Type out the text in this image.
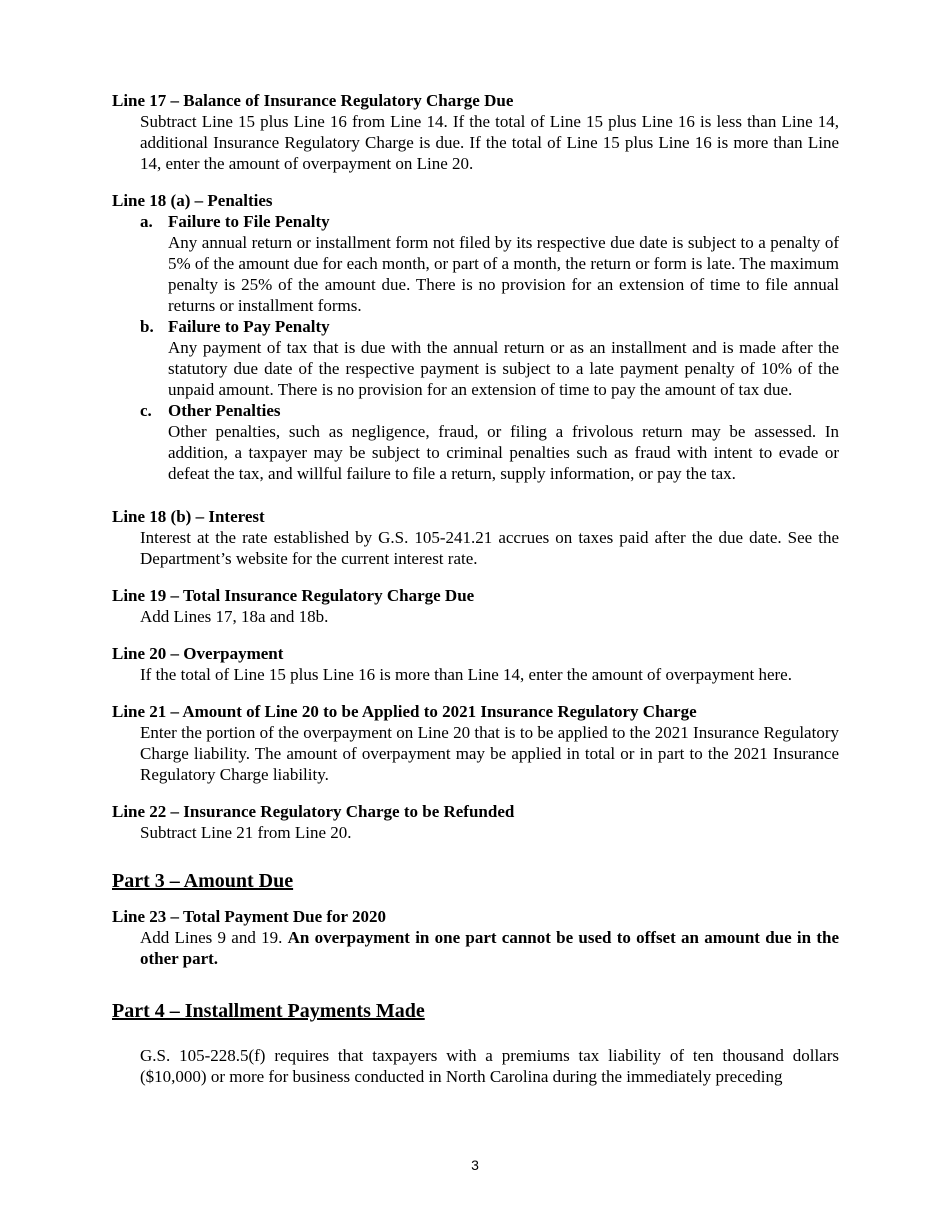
Line 17 – Balance of Insurance Regulatory Charge Due

Subtract Line 15 plus Line 16 from Line 14. If the total of Line 15 plus Line 16 is less than Line 14, additional Insurance Regulatory Charge is due. If the total of Line 15 plus Line 16 is more than Line 14, enter the amount of overpayment on Line 20.

Line 18 (a) – Penalties

a. Failure to File Penalty

Any annual return or installment form not filed by its respective due date is subject to a penalty of 5% of the amount due for each month, or part of a month, the return or form is late. The maximum penalty is 25% of the amount due. There is no provision for an extension of time to file annual returns or installment forms.

b. Failure to Pay Penalty

Any payment of tax that is due with the annual return or as an installment and is made after the statutory due date of the respective payment is subject to a late payment penalty of 10% of the unpaid amount. There is no provision for an extension of time to pay the amount of tax due.

c. Other Penalties

Other penalties, such as negligence, fraud, or filing a frivolous return may be assessed. In addition, a taxpayer may be subject to criminal penalties such as fraud with intent to evade or defeat the tax, and willful failure to file a return, supply information, or pay the tax.

Line 18 (b) – Interest

Interest at the rate established by G.S. 105-241.21 accrues on taxes paid after the due date. See the Department’s website for the current interest rate.

Line 19 – Total Insurance Regulatory Charge Due

Add Lines 17, 18a and 18b.

Line 20 – Overpayment

If the total of Line 15 plus Line 16 is more than Line 14, enter the amount of overpayment here.

Line 21 – Amount of Line 20 to be Applied to 2021 Insurance Regulatory Charge

Enter the portion of the overpayment on Line 20 that is to be applied to the 2021 Insurance Regulatory Charge liability. The amount of overpayment may be applied in total or in part to the 2021 Insurance Regulatory Charge liability.

Line 22 – Insurance Regulatory Charge to be Refunded

Subtract Line 21 from Line 20.

Part 3 – Amount Due

Line 23 – Total Payment Due for 2020

Add Lines 9 and 19. An overpayment in one part cannot be used to offset an amount due in the other part.

Part 4 – Installment Payments Made

G.S. 105-228.5(f) requires that taxpayers with a premiums tax liability of ten thousand dollars ($10,000) or more for business conducted in North Carolina during the immediately preceding

3
